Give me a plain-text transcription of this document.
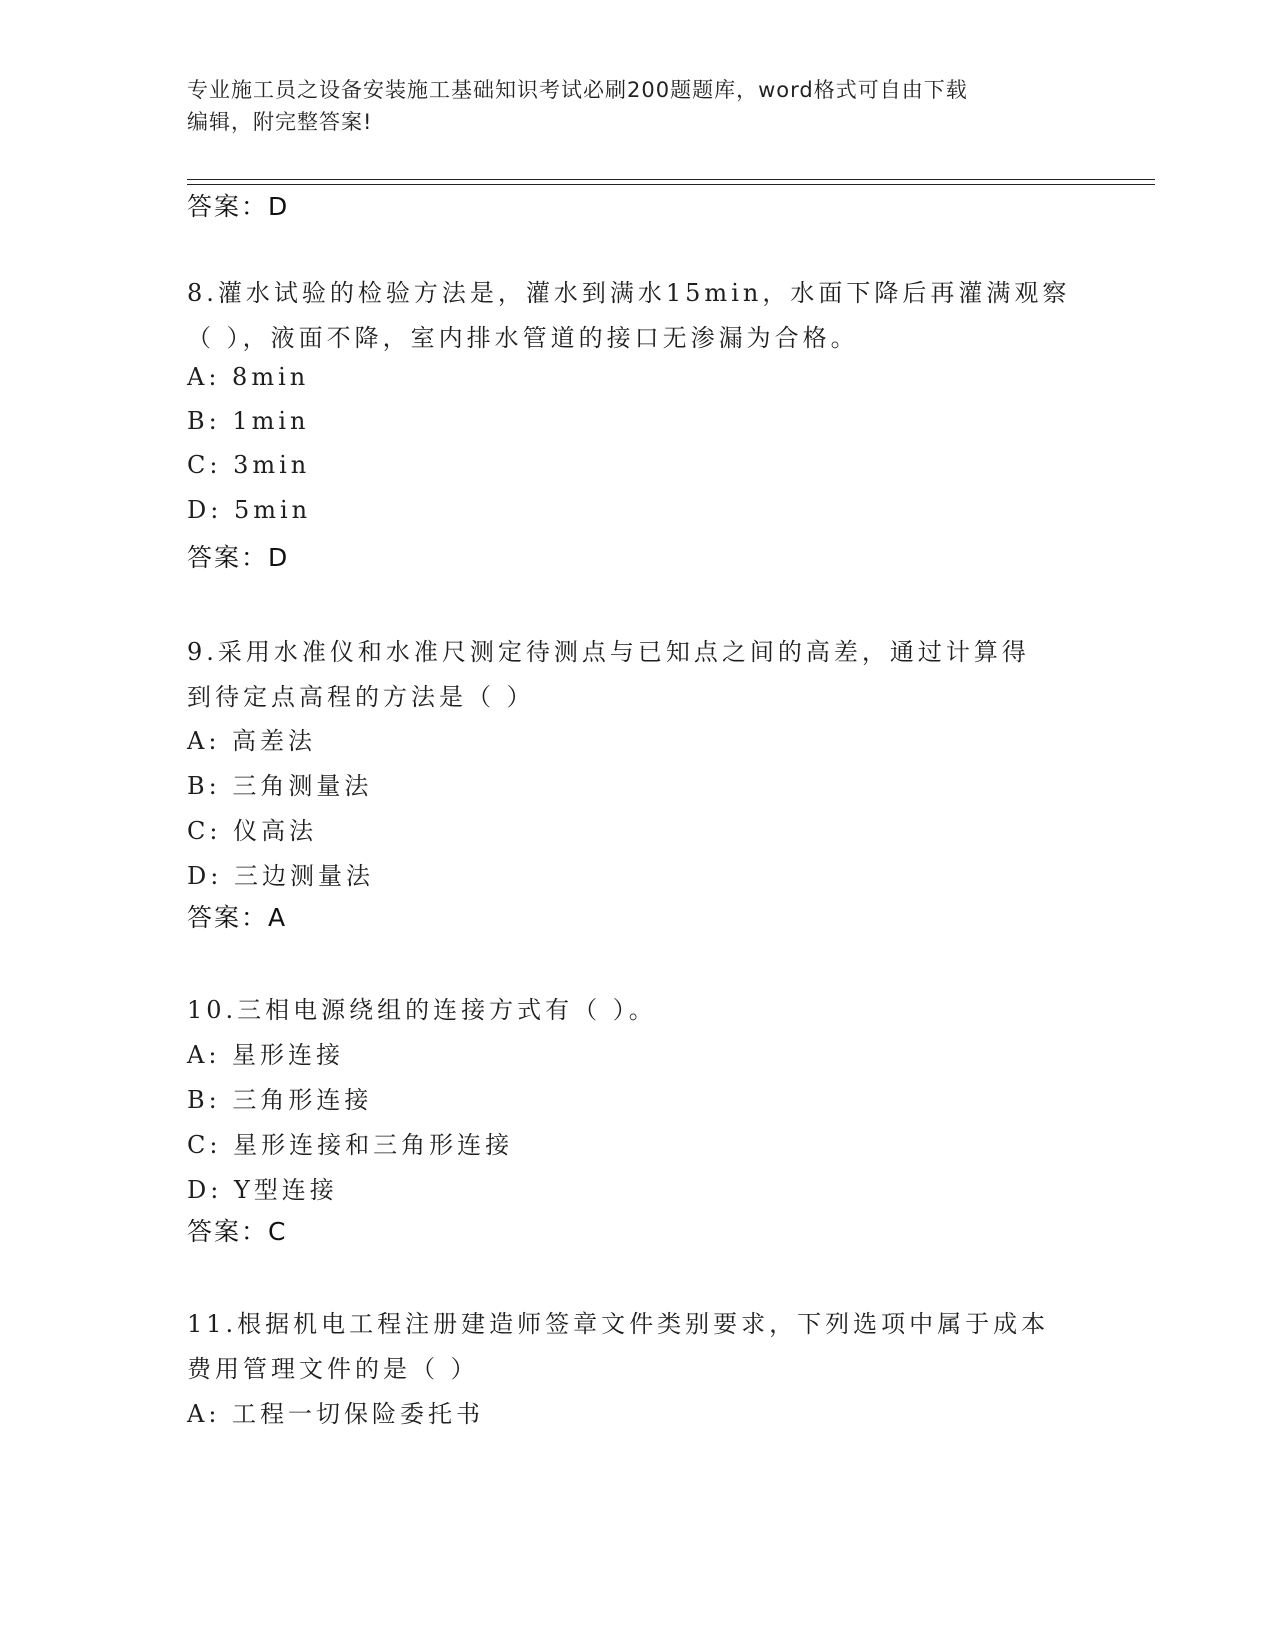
专业施工员之设备安装施工基础知识考试必刷200题题库，word格式可自由下载
编辑，附完整答案!
答案：D
8.灌水试验的检验方法是，灌水到满水15min，水面下降后再灌满观察
（ ），液面不降，室内排水管道的接口无渗漏为合格。
A: 8min
B: 1min
C: 3min
D: 5min
答案：D
9.采用水准仪和水准尺测定待测点与已知点之间的高差，通过计算得
到待定点高程的方法是（ ）
A: 高差法
B: 三角测量法
C: 仪高法
D: 三边测量法
答案：A
10.三相电源绕组的连接方式有（ ）。
A: 星形连接
B: 三角形连接
C: 星形连接和三角形连接
D: Y型连接
答案：C
11.根据机电工程注册建造师签章文件类别要求，下列选项中属于成本
费用管理文件的是（ ）
A: 工程一切保险委托书
